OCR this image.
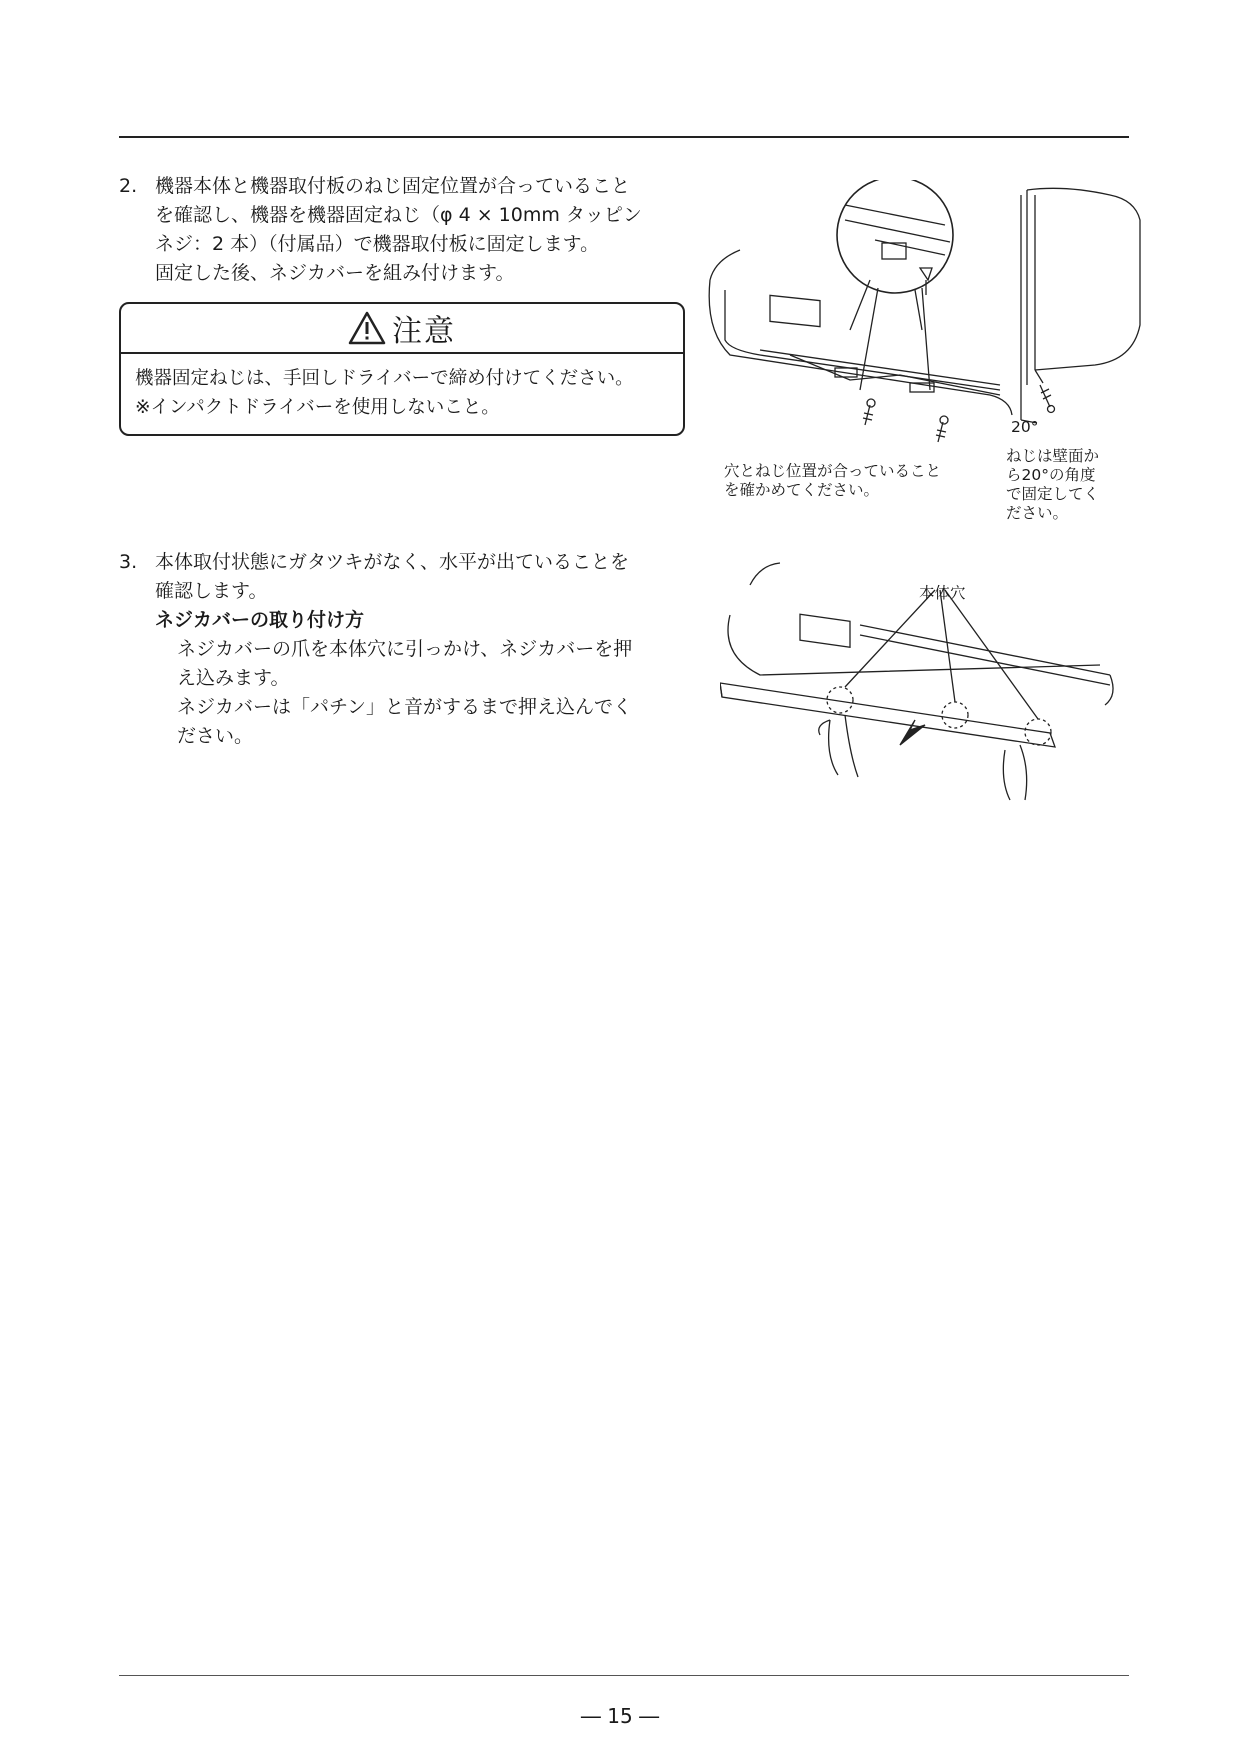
2. 機器本体と機器取付板のねじ固定位置が合っていること
を確認し、機器を機器固定ねじ（φ 4 × 10mm タッピン
ネジ：2 本）（付属品）で機器取付板に固定します。
固定した後、ネジカバーを組み付けます。
注意
機器固定ねじは、手回しドライバーで締め付けてください。
※インパクトドライバーを使用しないこと。
20°
穴とねじ位置が合っていること
を確かめてください。
ねじは壁面か
ら20°の角度
で固定してく
ださい。
3. 本体取付状態にガタツキがなく、水平が出ていることを
確認します。
ネジカバーの取り付け方
ネジカバーの爪を本体穴に引っかけ、ネジカバーを押
え込みます。
ネジカバーは「パチン」と音がするまで押え込んでく
ださい。
本体穴
― 15 ―
